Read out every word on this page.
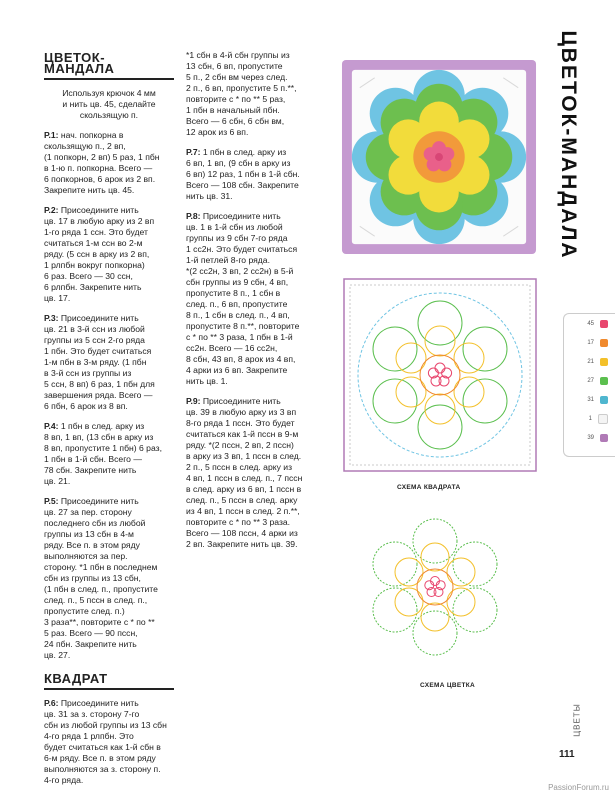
ЦВЕТОК-МАНДАЛА
Используя крючок 4 мм
и нить цв. 45, сделайте
скользящую п.
Р.1: нач. попкорна в
скользящую п., 2 вп,
(1 попкорн, 2 вп) 5 раз, 1 пбн
в 1-ю п. попкорна. Всего —
6 попкорнов, 6 арок из 2 вп.
Закрепите нить цв. 45.
Р.2: Присоедините нить
цв. 17 в любую арку из 2 вп
1-го ряда 1 ссн. Это будет
считаться 1-м ссн во 2-м
ряду. (5 ссн в арку из 2 вп,
1 рлпбн вокруг попкорна)
6 раз. Всего — 30 ссн,
6 рлпбн. Закрепите нить
цв. 17.
Р.3: Присоедините нить
цв. 21 в 3-й ссн из любой
группы из 5 ссн 2-го ряда
1 пбн. Это будет считаться
1-м пбн в 3-м ряду. (1 пбн
в 3-й ссн из группы из
5 ссн, 8 вп) 6 раз, 1 пбн для
завершения ряда. Всего —
6 пбн, 6 арок из 8 вп.
Р.4: 1 пбн в след. арку из
8 вп, 1 вп, (13 сбн в арку из
8 вп, пропустите 1 пбн) 6 раз,
1 пбн в 1-й сбн. Всего —
78 сбн. Закрепите нить
цв. 21.
Р.5: Присоедините нить
цв. 27 за пер. сторону
последнего сбн из любой
группы из 13 сбн в 4-м
ряду. Все п. в этом ряду
выполняются за пер.
сторону. *1 пбн в последнем
сбн из группы из 13 сбн,
(1 пбн в след. п., пропустите
след. п., 5 пссн в след. п.,
пропустите след. п.)
3 раза**, повторите с * по **
5 раз. Всего — 90 пссн,
24 пбн. Закрепите нить
цв. 27.
КВАДРАТ
Р.6: Присоедините нить
цв. 31 за з. сторону 7-го
сбн из любой группы из 13 сбн
4-го ряда 1 рлпбн. Это
будет считаться как 1-й сбн в
6-м ряду. Все п. в этом ряду
выполняются за з. сторону п.
4-го ряда.
*1 сбн в 4-й сбн группы из
13 сбн, 6 вп, пропустите
5 п., 2 сбн вм через след.
2 п., 6 вп, пропустите 5 п.**,
повторите с * по ** 5 раз,
1 пбн в начальный пбн.
Всего — 6 сбн, 6 сбн вм,
12 арок из 6 вп.
Р.7: 1 пбн в след. арку из
6 вп, 1 вп, (9 сбн в арку из
6 вп) 12 раз, 1 пбн в 1-й сбн.
Всего — 108 сбн. Закрепите
нить цв. 31.
Р.8: Присоедините нить
цв. 1 в 1-й сбн из любой
группы из 9 сбн 7-го ряда
1 сс2н. Это будет считаться
1-й петлей 8-го ряда.
*(2 сс2н, 3 вп, 2 сс2н) в 5-й
сбн группы из 9 сбн, 4 вп,
пропустите 8 п., 1 сбн в
след. п., 6 вп, пропустите
8 п., 1 сбн в след. п., 4 вп,
пропустите 8 п.**, повторите
с * по ** 3 раза, 1 пбн в 1-й
сс2н. Всего — 16 сс2н,
8 сбн, 43 вп, 8 арок из 4 вп,
4 арки из 6 вп. Закрепите
нить цв. 1.
Р.9: Присоедините нить
цв. 39 в любую арку из 3 вп
8-го ряда 1 пссн. Это будет
считаться как 1-й пссн в 9-м
ряду. *(2 пссн, 2 вп, 2 пссн)
в арку из 3 вп, 1 пссн в след.
2 п., 5 пссн в след. арку из
4 вп, 1 пссн в след. п., 7 пссн
в след. арку из 6 вп, 1 пссн в
след. п., 5 пссн в след. арку
из 4 вп, 1 пссн в след. 2 п.**,
повторите с * по ** 3 раза.
Всего — 108 пссн, 4 арки из
2 вп. Закрепите нить цв. 39.
ЦВЕТОК-МАНДАЛА
СХЕМА КВАДРАТА
СХЕМА ЦВЕТКА
45
17
21
27
31
1
39
ЦВЕТЫ
111
PassionForum.ru
